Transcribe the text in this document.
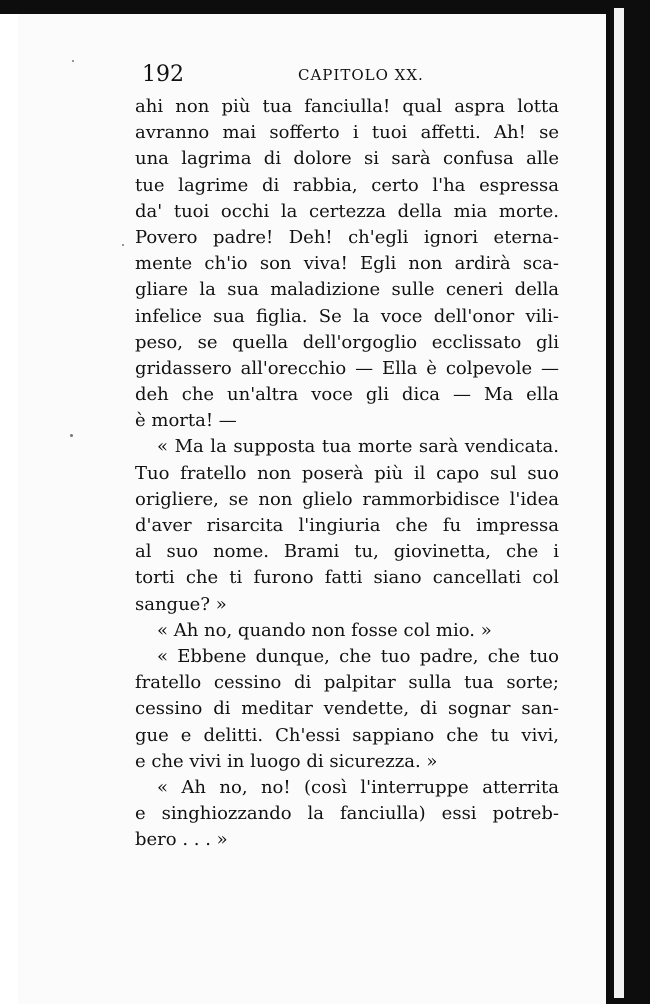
192	CAPITOLO XX.
ahi non più tua fanciulla! qual aspra lotta
avranno mai sofferto i tuoi affetti. Ah! se
una lagrima di dolore si sarà confusa alle
tue lagrime di rabbia, certo l'ha espressa
da' tuoi occhi la certezza della mia morte.
Povero padre! Deh! ch'egli ignori eterna-
mente ch'io son viva! Egli non ardirà sca-
gliare la sua maladizione sulle ceneri della
infelice sua figlia. Se la voce dell'onor vili-
peso, se quella dell'orgoglio ecclissato gli
gridassero all'orecchio — Ella è colpevole —
deh che un'altra voce gli dica — Ma ella
è morta! —
« Ma la supposta tua morte sarà vendicata.
Tuo fratello non poserà più il capo sul suo
origliere, se non glielo rammorbidisce l'idea
d'aver risarcita l'ingiuria che fu impressa
al suo nome. Brami tu, giovinetta, che i
torti che ti furono fatti siano cancellati col
sangue? »
« Ah no, quando non fosse col mio. »
« Ebbene dunque, che tuo padre, che tuo
fratello cessino di palpitar sulla tua sorte;
cessino di meditar vendette, di sognar san-
gue e delitti. Ch'essi sappiano che tu vivi,
e che vivi in luogo di sicurezza. »
« Ah no, no! (così l'interruppe atterrita
e singhiozzando la fanciulla) essi potreb-
bero . . . »
